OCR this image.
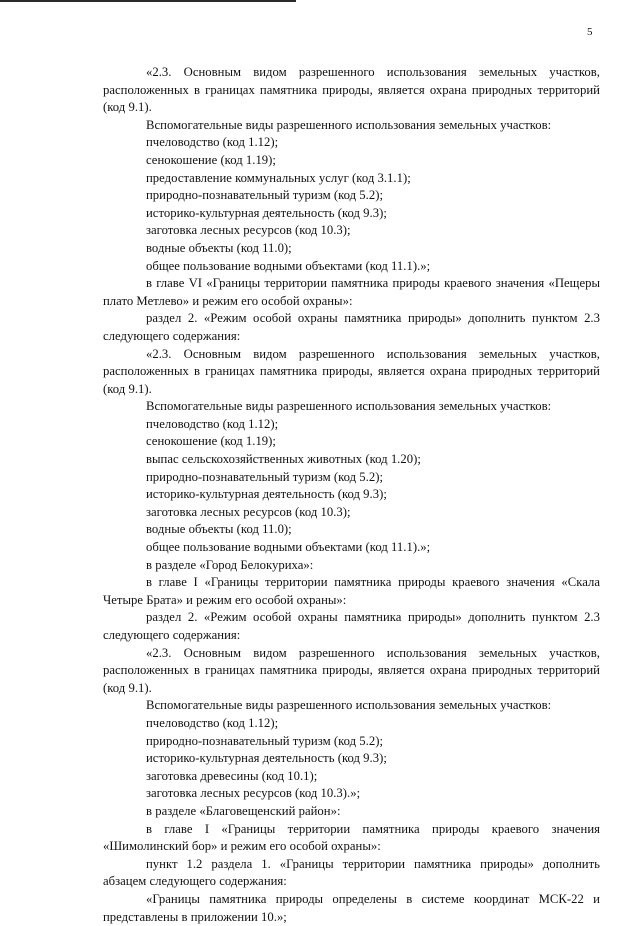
5

«2.3. Основным видом разрешенного использования земельных участков, расположенных в границах памятника природы, является охрана природных территорий (код 9.1).

Вспомогательные виды разрешенного использования земельных участков:

пчеловодство (код 1.12);

сенокошение (код 1.19);

предоставление коммунальных услуг (код 3.1.1);

природно-познавательный туризм (код 5.2);

историко-культурная деятельность (код 9.3);

заготовка лесных ресурсов (код 10.3);

водные объекты (код 11.0);

общее пользование водными объектами (код 11.1).»;

в главе VI «Границы территории памятника природы краевого значения «Пещеры плато Метлево» и режим его особой охраны»:

раздел 2. «Режим особой охраны памятника природы» дополнить пунктом 2.3 следующего содержания:

«2.3. Основным видом разрешенного использования земельных участков, расположенных в границах памятника природы, является охрана природных территорий (код 9.1).

Вспомогательные виды разрешенного использования земельных участков:

пчеловодство (код 1.12);

сенокошение (код 1.19);

выпас сельскохозяйственных животных (код 1.20);

природно-познавательный туризм (код 5.2);

историко-культурная деятельность (код 9.3);

заготовка лесных ресурсов (код 10.3);

водные объекты (код 11.0);

общее пользование водными объектами (код 11.1).»;

в разделе «Город Белокуриха»:

в главе I «Границы территории памятника природы краевого значения «Скала Четыре Брата» и режим его особой охраны»:

раздел 2. «Режим особой охраны памятника природы» дополнить пунктом 2.3 следующего содержания:

«2.3. Основным видом разрешенного использования земельных участков, расположенных в границах памятника природы, является охрана природных территорий (код 9.1).

Вспомогательные виды разрешенного использования земельных участков:

пчеловодство (код 1.12);

природно-познавательный туризм (код 5.2);

историко-культурная деятельность (код 9.3);

заготовка древесины (код 10.1);

заготовка лесных ресурсов (код 10.3).»;

в разделе «Благовещенский район»:

в главе I «Границы территории памятника природы краевого значения «Шимолинский бор» и режим его особой охраны»:

пункт 1.2 раздела 1. «Границы территории памятника природы» дополнить абзацем следующего содержания:

«Границы памятника природы определены в системе координат МСК-22 и представлены в приложении 10.»;
